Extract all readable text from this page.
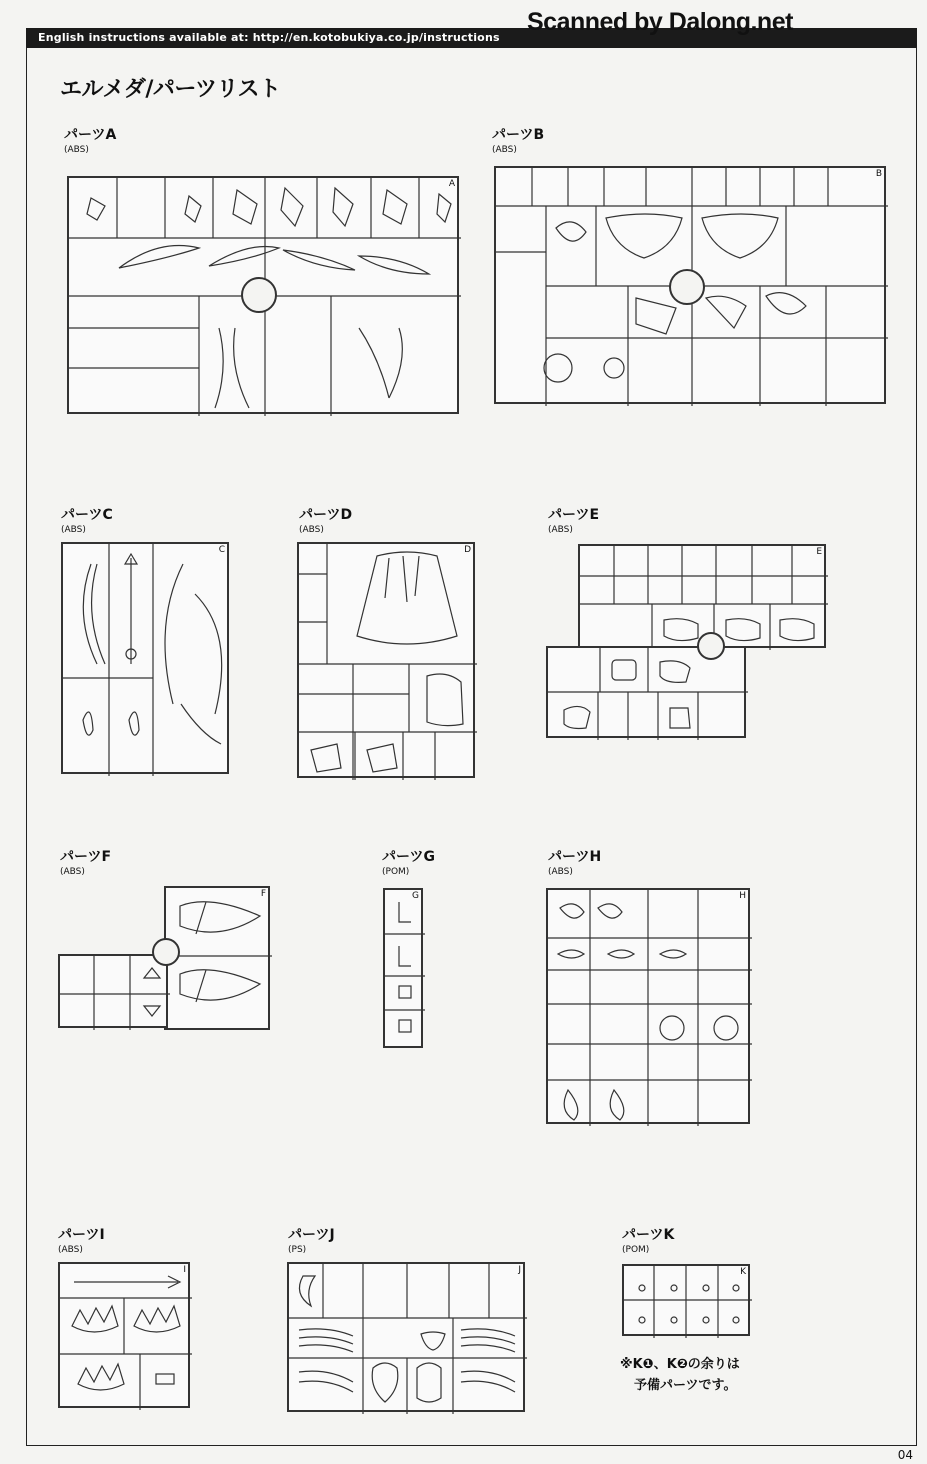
English instructions available at: http://en.kotobukiya.co.jp/instructions
Scanned by Dalong.net
エルメダ/パーツリスト
04
パーツA
(ABS)
A
パーツB
(ABS)
B
パーツC
(ABS)
C
パーツD
(ABS)
D
パーツE
(ABS)
E
パーツF
(ABS)
F
パーツG
(POM)
G
パーツH
(ABS)
H
パーツI
(ABS)
I
パーツJ
(PS)
J
パーツK
(POM)
K
※K❶、K❷の余りは
予備パーツです。
